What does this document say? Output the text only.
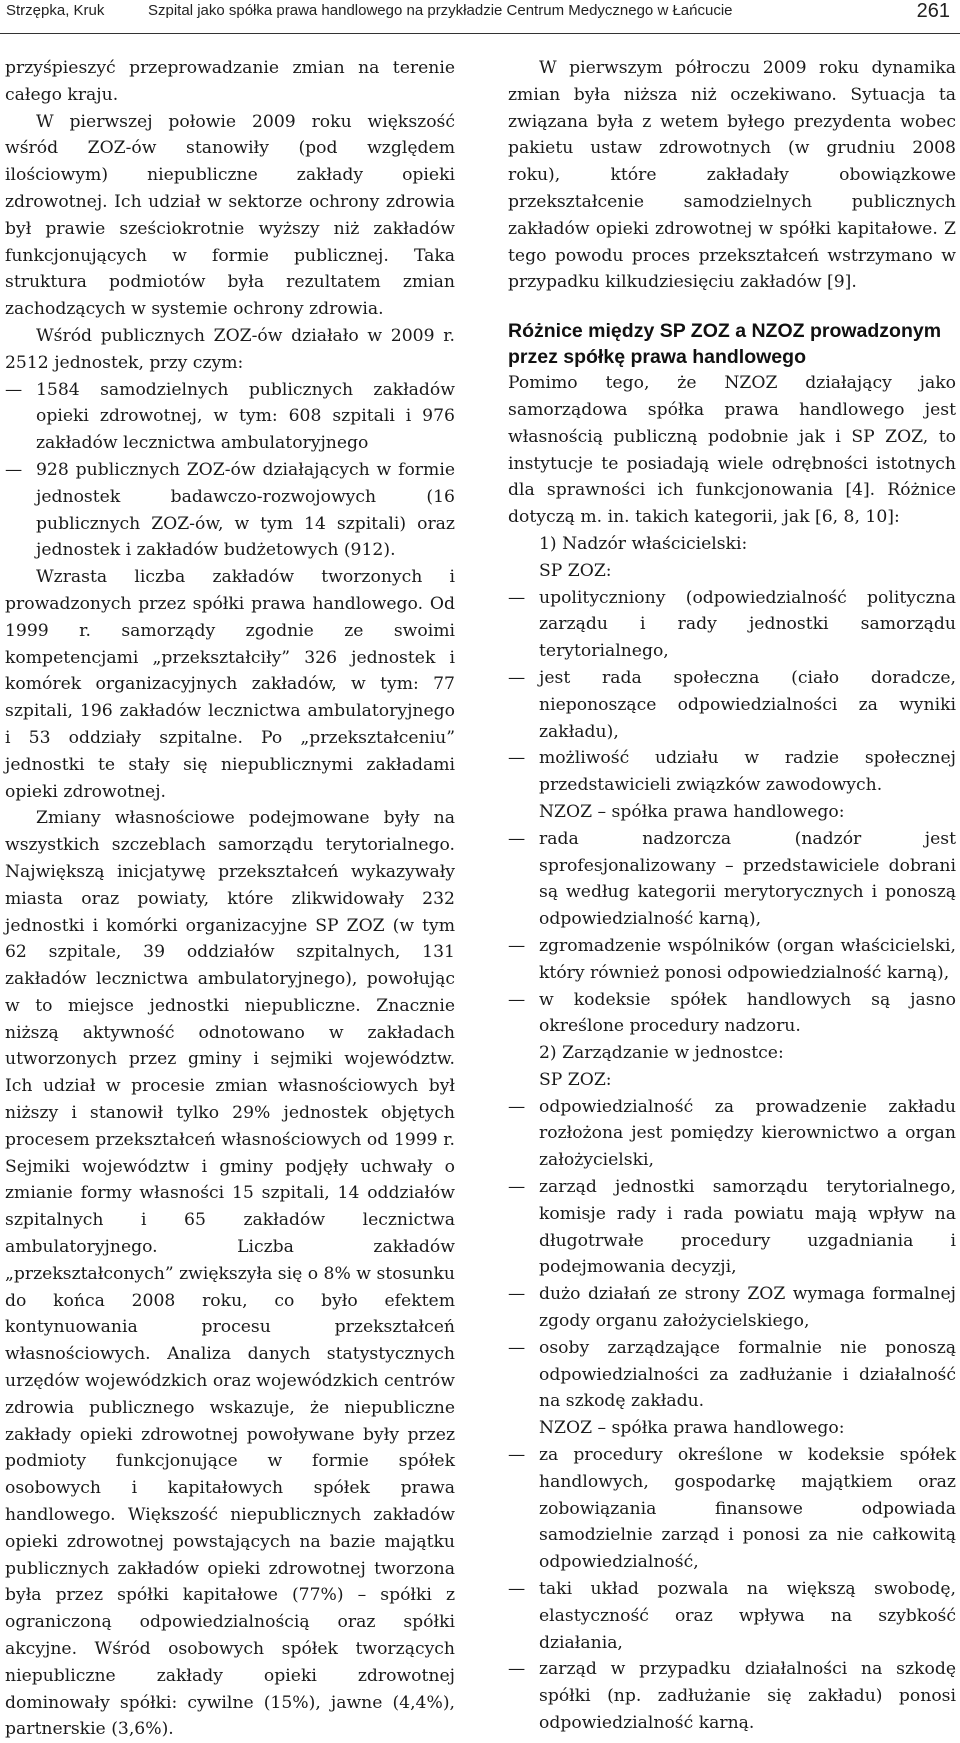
Strzępka, Kruk	Szpital jako spółka prawa handlowego na przykładzie Centrum Medycznego w Łańcucie	261

przyśpieszyć przeprowadzanie zmian na terenie całego kraju.

W pierwszej połowie 2009 roku większość wśród ZOZ-ów stanowiły (pod względem ilościowym) niepubliczne zakłady opieki zdrowotnej. Ich udział w sektorze ochrony zdrowia był prawie sześciokrotnie wyższy niż zakładów funkcjonujących w formie publicznej. Taka struktura podmiotów była rezultatem zmian zachodzących w systemie ochrony zdrowia.

Wśród publicznych ZOZ-ów działało w 2009 r. 2512 jednostek, przy czym:

— 1584 samodzielnych publicznych zakładów opieki zdrowotnej, w tym: 608 szpitali i 976 zakładów lecznictwa ambulatoryjnego
— 928 publicznych ZOZ-ów działających w formie jednostek badawczo-rozwojowych (16 publicznych ZOZ-ów, w tym 14 szpitali) oraz jednostek i zakładów budżetowych (912).

Wzrasta liczba zakładów tworzonych i prowadzonych przez spółki prawa handlowego. Od 1999 r. samorządy zgodnie ze swoimi kompetencjami „przekształciły” 326 jednostek i komórek organizacyjnych zakładów, w tym: 77 szpitali, 196 zakładów lecznictwa ambulatoryjnego i 53 oddziały szpitalne. Po „przekształceniu” jednostki te stały się niepublicznymi zakładami opieki zdrowotnej.

Zmiany własnościowe podejmowane były na wszystkich szczeblach samorządu terytorialnego. Największą inicjatywę przekształceń wykazywały miasta oraz powiaty, które zlikwidowały 232 jednostki i komórki organizacyjne SP ZOZ (w tym 62 szpitale, 39 oddziałów szpitalnych, 131 zakładów lecznictwa ambulatoryjnego), powołując w to miejsce jednostki niepubliczne. Znacznie niższą aktywność odnotowano w zakładach utworzonych przez gminy i sejmiki województw. Ich udział w procesie zmian własnościowych był niższy i stanowił tylko 29% jednostek objętych procesem przekształceń własnościowych od 1999 r. Sejmiki województw i gminy podjęły uchwały o zmianie formy własności 15 szpitali, 14 oddziałów szpitalnych i 65 zakładów lecznictwa ambulatoryjnego. Liczba zakładów „przekształconych” zwiększyła się o 8% w stosunku do końca 2008 roku, co było efektem kontynuowania procesu przekształceń własnościowych. Analiza danych statystycznych urzędów wojewódzkich oraz wojewódzkich centrów zdrowia publicznego wskazuje, że niepubliczne zakłady opieki zdrowotnej powoływane były przez podmioty funkcjonujące w formie spółek osobowych i kapitałowych spółek prawa handlowego. Większość niepublicznych zakładów opieki zdrowotnej powstających na bazie majątku publicznych zakładów opieki zdrowotnej tworzona była przez spółki kapitałowe (77%) – spółki z ograniczoną odpowiedzialnością oraz spółki akcyjne. Wśród osobowych spółek tworzących niepubliczne zakłady opieki zdrowotnej dominowały spółki: cywilne (15%), jawne (4,4%), partnerskie (3,6%).

W pierwszym półroczu 2009 roku dynamika zmian była niższa niż oczekiwano. Sytuacja ta związana była z wetem byłego prezydenta wobec pakietu ustaw zdrowotnych (w grudniu 2008 roku), które zakładały obowiązkowe przekształcenie samodzielnych publicznych zakładów opieki zdrowotnej w spółki kapitałowe. Z tego powodu proces przekształceń wstrzymano w przypadku kilkudziesięciu zakładów [9].

Różnice między SP ZOZ a NZOZ prowadzonym przez spółkę prawa handlowego

Pomimo tego, że NZOZ działający jako samorządowa spółka prawa handlowego jest własnością publiczną podobnie jak i SP ZOZ, to instytucje te posiadają wiele odrębności istotnych dla sprawności ich funkcjonowania [4]. Różnice dotyczą m. in. takich kategorii, jak [6, 8, 10]:

1) Nadzór właścicielski:

SP ZOZ:

— upolityczniony (odpowiedzialność polityczna zarządu i rady jednostki samorządu terytorialnego,
— jest rada społeczna (ciało doradcze, nieponoszące odpowiedzialności za wyniki zakładu),
— możliwość udziału w radzie społecznej przedstawicieli związków zawodowych.

NZOZ – spółka prawa handlowego:

— rada nadzorcza (nadzór jest sprofesjonalizowany – przedstawiciele dobrani są według kategorii merytorycznych i ponoszą odpowiedzialność karną),
— zgromadzenie wspólników (organ właścicielski, który również ponosi odpowiedzialność karną),
— w kodeksie spółek handlowych są jasno określone procedury nadzoru.

2) Zarządzanie w jednostce:

SP ZOZ:

— odpowiedzialność za prowadzenie zakładu rozłożona jest pomiędzy kierownictwo a organ założycielski,
— zarząd jednostki samorządu terytorialnego, komisje rady i rada powiatu mają wpływ na długotrwałe procedury uzgadniania i podejmowania decyzji,
— dużo działań ze strony ZOZ wymaga formalnej zgody organu założycielskiego,
— osoby zarządzające formalnie nie ponoszą odpowiedzialności za zadłużanie i działalność na szkodę zakładu.

NZOZ – spółka prawa handlowego:

— za procedury określone w kodeksie spółek handlowych, gospodarkę majątkiem oraz zobowiązania finansowe odpowiada samodzielnie zarząd i ponosi za nie całkowitą odpowiedzialność,
— taki układ pozwala na większą swobodę, elastyczność oraz wpływa na szybkość działania,
— zarząd w przypadku działalności na szkodę spółki (np. zadłużanie się zakładu) ponosi odpowiedzialność karną.
